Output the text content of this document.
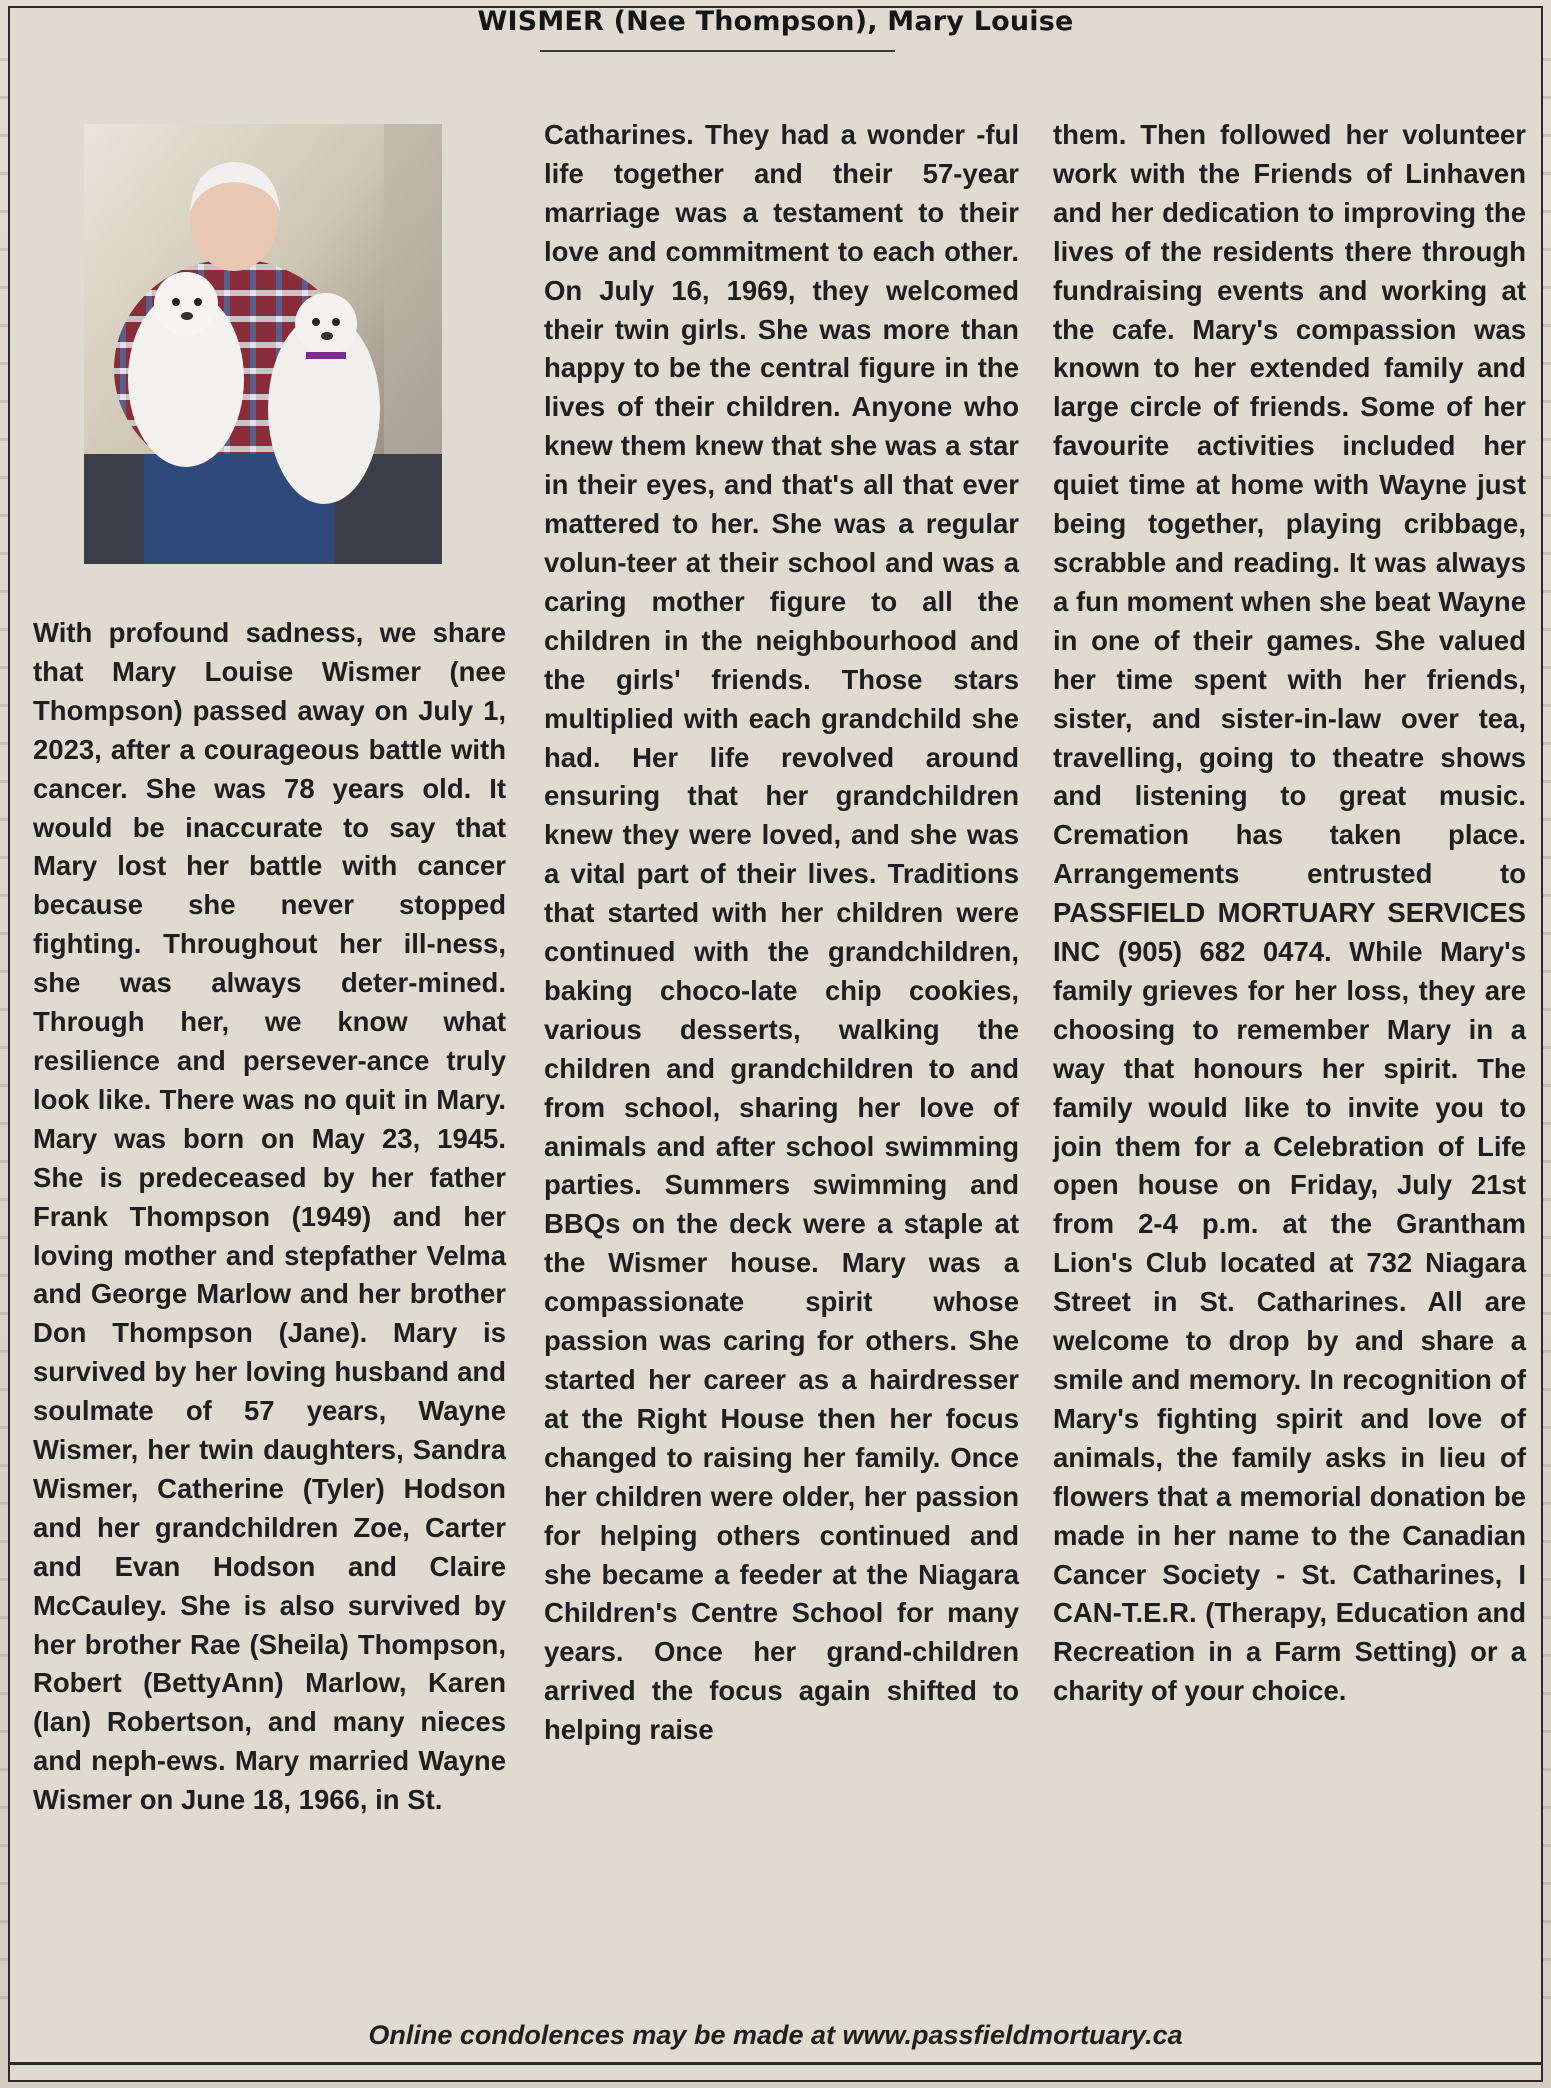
WISMER (Nee Thompson), Mary Louise

With profound sadness, we share that Mary Louise Wismer (nee Thompson) passed away on July 1, 2023, after a courageous battle with cancer. She was 78 years old. It would be inaccurate to say that Mary lost her battle with cancer because she never stopped fighting. Throughout her ill-ness, she was always deter-mined. Through her, we know what resilience and persever-ance truly look like. There was no quit in Mary. Mary was born on May 23, 1945. She is predeceased by her father Frank Thompson (1949) and her loving mother and stepfather Velma and George Marlow and her brother Don Thompson (Jane). Mary is survived by her loving husband and soulmate of 57 years, Wayne Wismer, her twin daughters, Sandra Wismer, Catherine (Tyler) Hodson and her grandchildren Zoe, Carter and Evan Hodson and Claire McCauley. She is also survived by her brother Rae (Sheila) Thompson, Robert (BettyAnn) Marlow, Karen (Ian) Robertson, and many nieces and neph-ews. Mary married Wayne Wismer on June 18, 1966, in St.

Catharines. They had a wonder -ful life together and their 57-year marriage was a testament to their love and commitment to each other. On July 16, 1969, they welcomed their twin girls. She was more than happy to be the central figure in the lives of their children. Anyone who knew them knew that she was a star in their eyes, and that's all that ever mattered to her. She was a regular volun-teer at their school and was a caring mother figure to all the children in the neighbourhood and the girls' friends. Those stars multiplied with each grandchild she had. Her life revolved around ensuring that her grandchildren knew they were loved, and she was a vital part of their lives. Traditions that started with her children were continued with the grandchildren, baking choco-late chip cookies, various desserts, walking the children and grandchildren to and from school, sharing her love of animals and after school swimming parties. Summers swimming and BBQs on the deck were a staple at the Wismer house. Mary was a compassionate spirit whose passion was caring for others. She started her career as a hairdresser at the Right House then her focus changed to raising her family. Once her children were older, her passion for helping others continued and she became a feeder at the Niagara Children's Centre School for many years. Once her grand-children arrived the focus again shifted to helping raise

them. Then followed her volunteer work with the Friends of Linhaven and her dedication to improving the lives of the residents there through fundraising events and working at the cafe. Mary's compassion was known to her extended family and large circle of friends. Some of her favourite activities included her quiet time at home with Wayne just being together, playing cribbage, scrabble and reading. It was always a fun moment when she beat Wayne in one of their games. She valued her time spent with her friends, sister, and sister-in-law over tea, travelling, going to theatre shows and listening to great music. Cremation has taken place. Arrangements entrusted to PASSFIELD MORTUARY SERVICES INC (905) 682 0474. While Mary's family grieves for her loss, they are choosing to remember Mary in a way that honours her spirit. The family would like to invite you to join them for a Celebration of Life open house on Friday, July 21st from 2-4 p.m. at the Grantham Lion's Club located at 732 Niagara Street in St. Catharines. All are welcome to drop by and share a smile and memory. In recognition of Mary's fighting spirit and love of animals, the family asks in lieu of flowers that a memorial donation be made in her name to the Canadian Cancer Society - St. Catharines, I CAN-T.E.R. (Therapy, Education and Recreation in a Farm Setting) or a charity of your choice.

Online condolences may be made at www.passfieldmortuary.ca
